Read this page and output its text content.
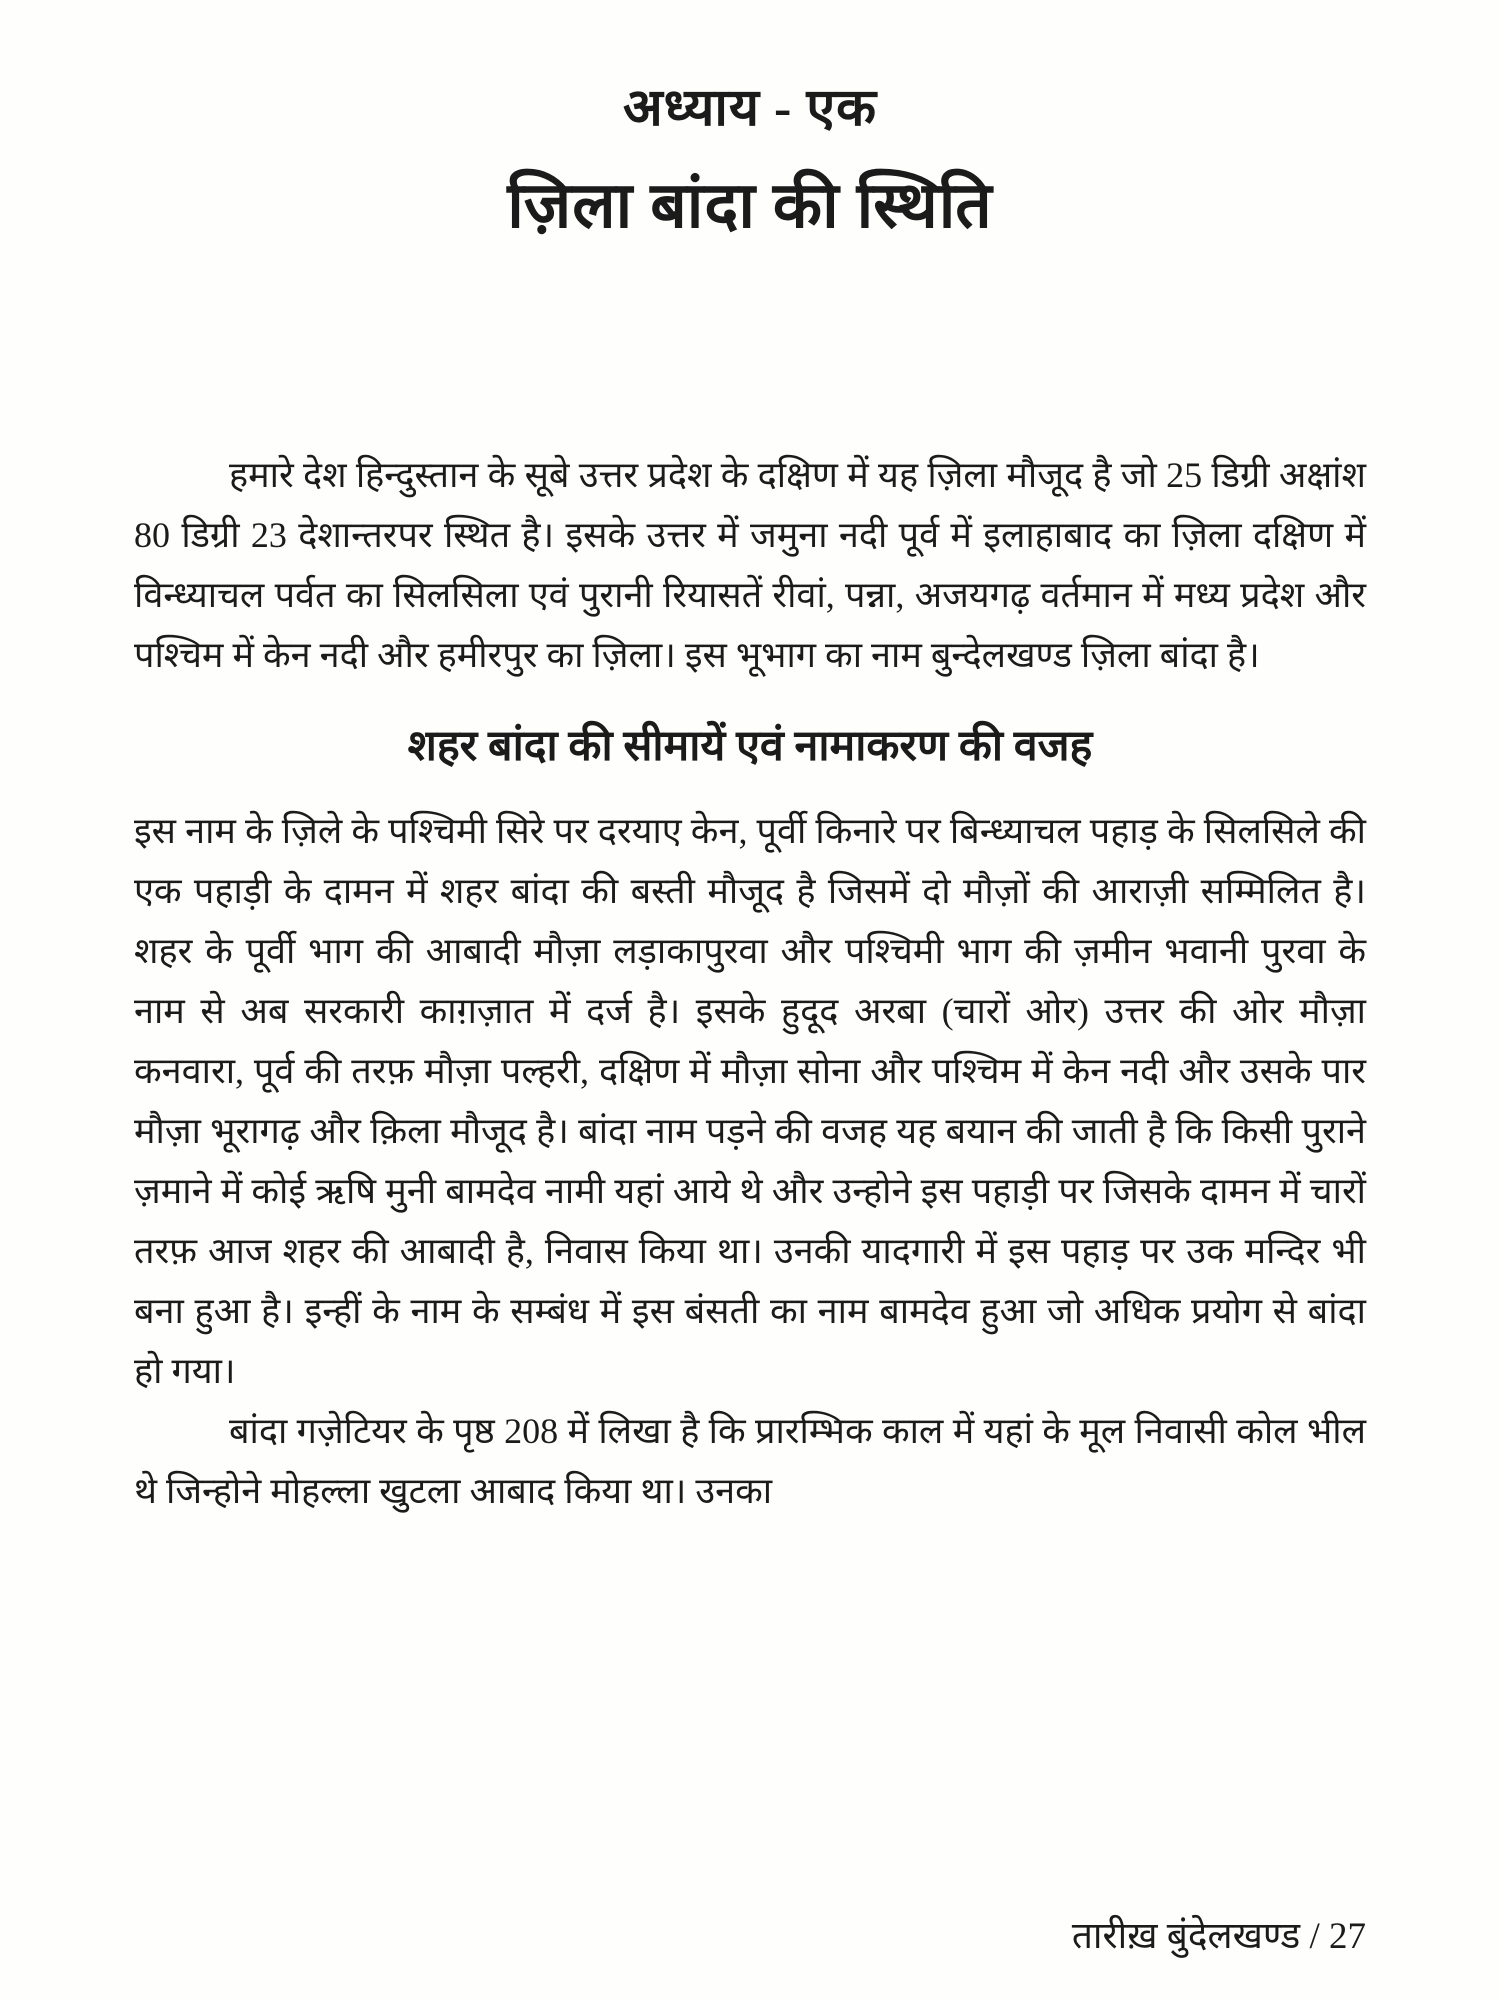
अध्याय - एक
ज़िला बांदा की स्थिति

हमारे देश हिन्दुस्तान के सूबे उत्तर प्रदेश के दक्षिण में यह ज़िला मौजूद है जो 25 डिग्री अक्षांश 80 डिग्री 23 देशान्तरपर स्थित है। इसके उत्तर में जमुना नदी पूर्व में इलाहाबाद का ज़िला दक्षिण में विन्ध्याचल पर्वत का सिलसिला एवं पुरानी रियासतें रीवां, पन्ना, अजयगढ़ वर्तमान में मध्य प्रदेश और पश्चिम में केन नदी और हमीरपुर का ज़िला। इस भूभाग का नाम बुन्देलखण्ड ज़िला बांदा है।

शहर बांदा की सीमायें एवं नामाकरण की वजह

इस नाम के ज़िले के पश्चिमी सिरे पर दरयाए केन, पूर्वी किनारे पर बिन्ध्याचल पहाड़ के सिलसिले की एक पहाड़ी के दामन में शहर बांदा की बस्ती मौजूद है जिसमें दो मौज़ों की आराज़ी सम्मिलित है। शहर के पूर्वी भाग की आबादी मौज़ा लड़ाकापुरवा और पश्चिमी भाग की ज़मीन भवानी पुरवा के नाम से अब सरकारी काग़ज़ात में दर्ज है। इसके हुदूद अरबा (चारों ओर) उत्तर की ओर मौज़ा कनवारा, पूर्व की तरफ़ मौज़ा पल्हरी, दक्षिण में मौज़ा सोना और पश्चिम में केन नदी और उसके पार मौज़ा भूरागढ़ और क़िला मौजूद है। बांदा नाम पड़ने की वजह यह बयान की जाती है कि किसी पुराने ज़माने में कोई ऋषि मुनी बामदेव नामी यहां आये थे और उन्होने इस पहाड़ी पर जिसके दामन में चारों तरफ़ आज शहर की आबादी है, निवास किया था। उनकी यादगारी में इस पहाड़ पर उक मन्दिर भी बना हुआ है। इन्हीं के नाम के सम्बंध में इस बंसती का नाम बामदेव हुआ जो अधिक प्रयोग से बांदा हो गया।

बांदा गज़ेटियर के पृष्ठ 208 में लिखा है कि प्रारम्भिक काल में यहां के मूल निवासी कोल भील थे जिन्होने मोहल्ला खुटला आबाद किया था। उनका

तारीख़ बुंदेलखण्ड / 27
